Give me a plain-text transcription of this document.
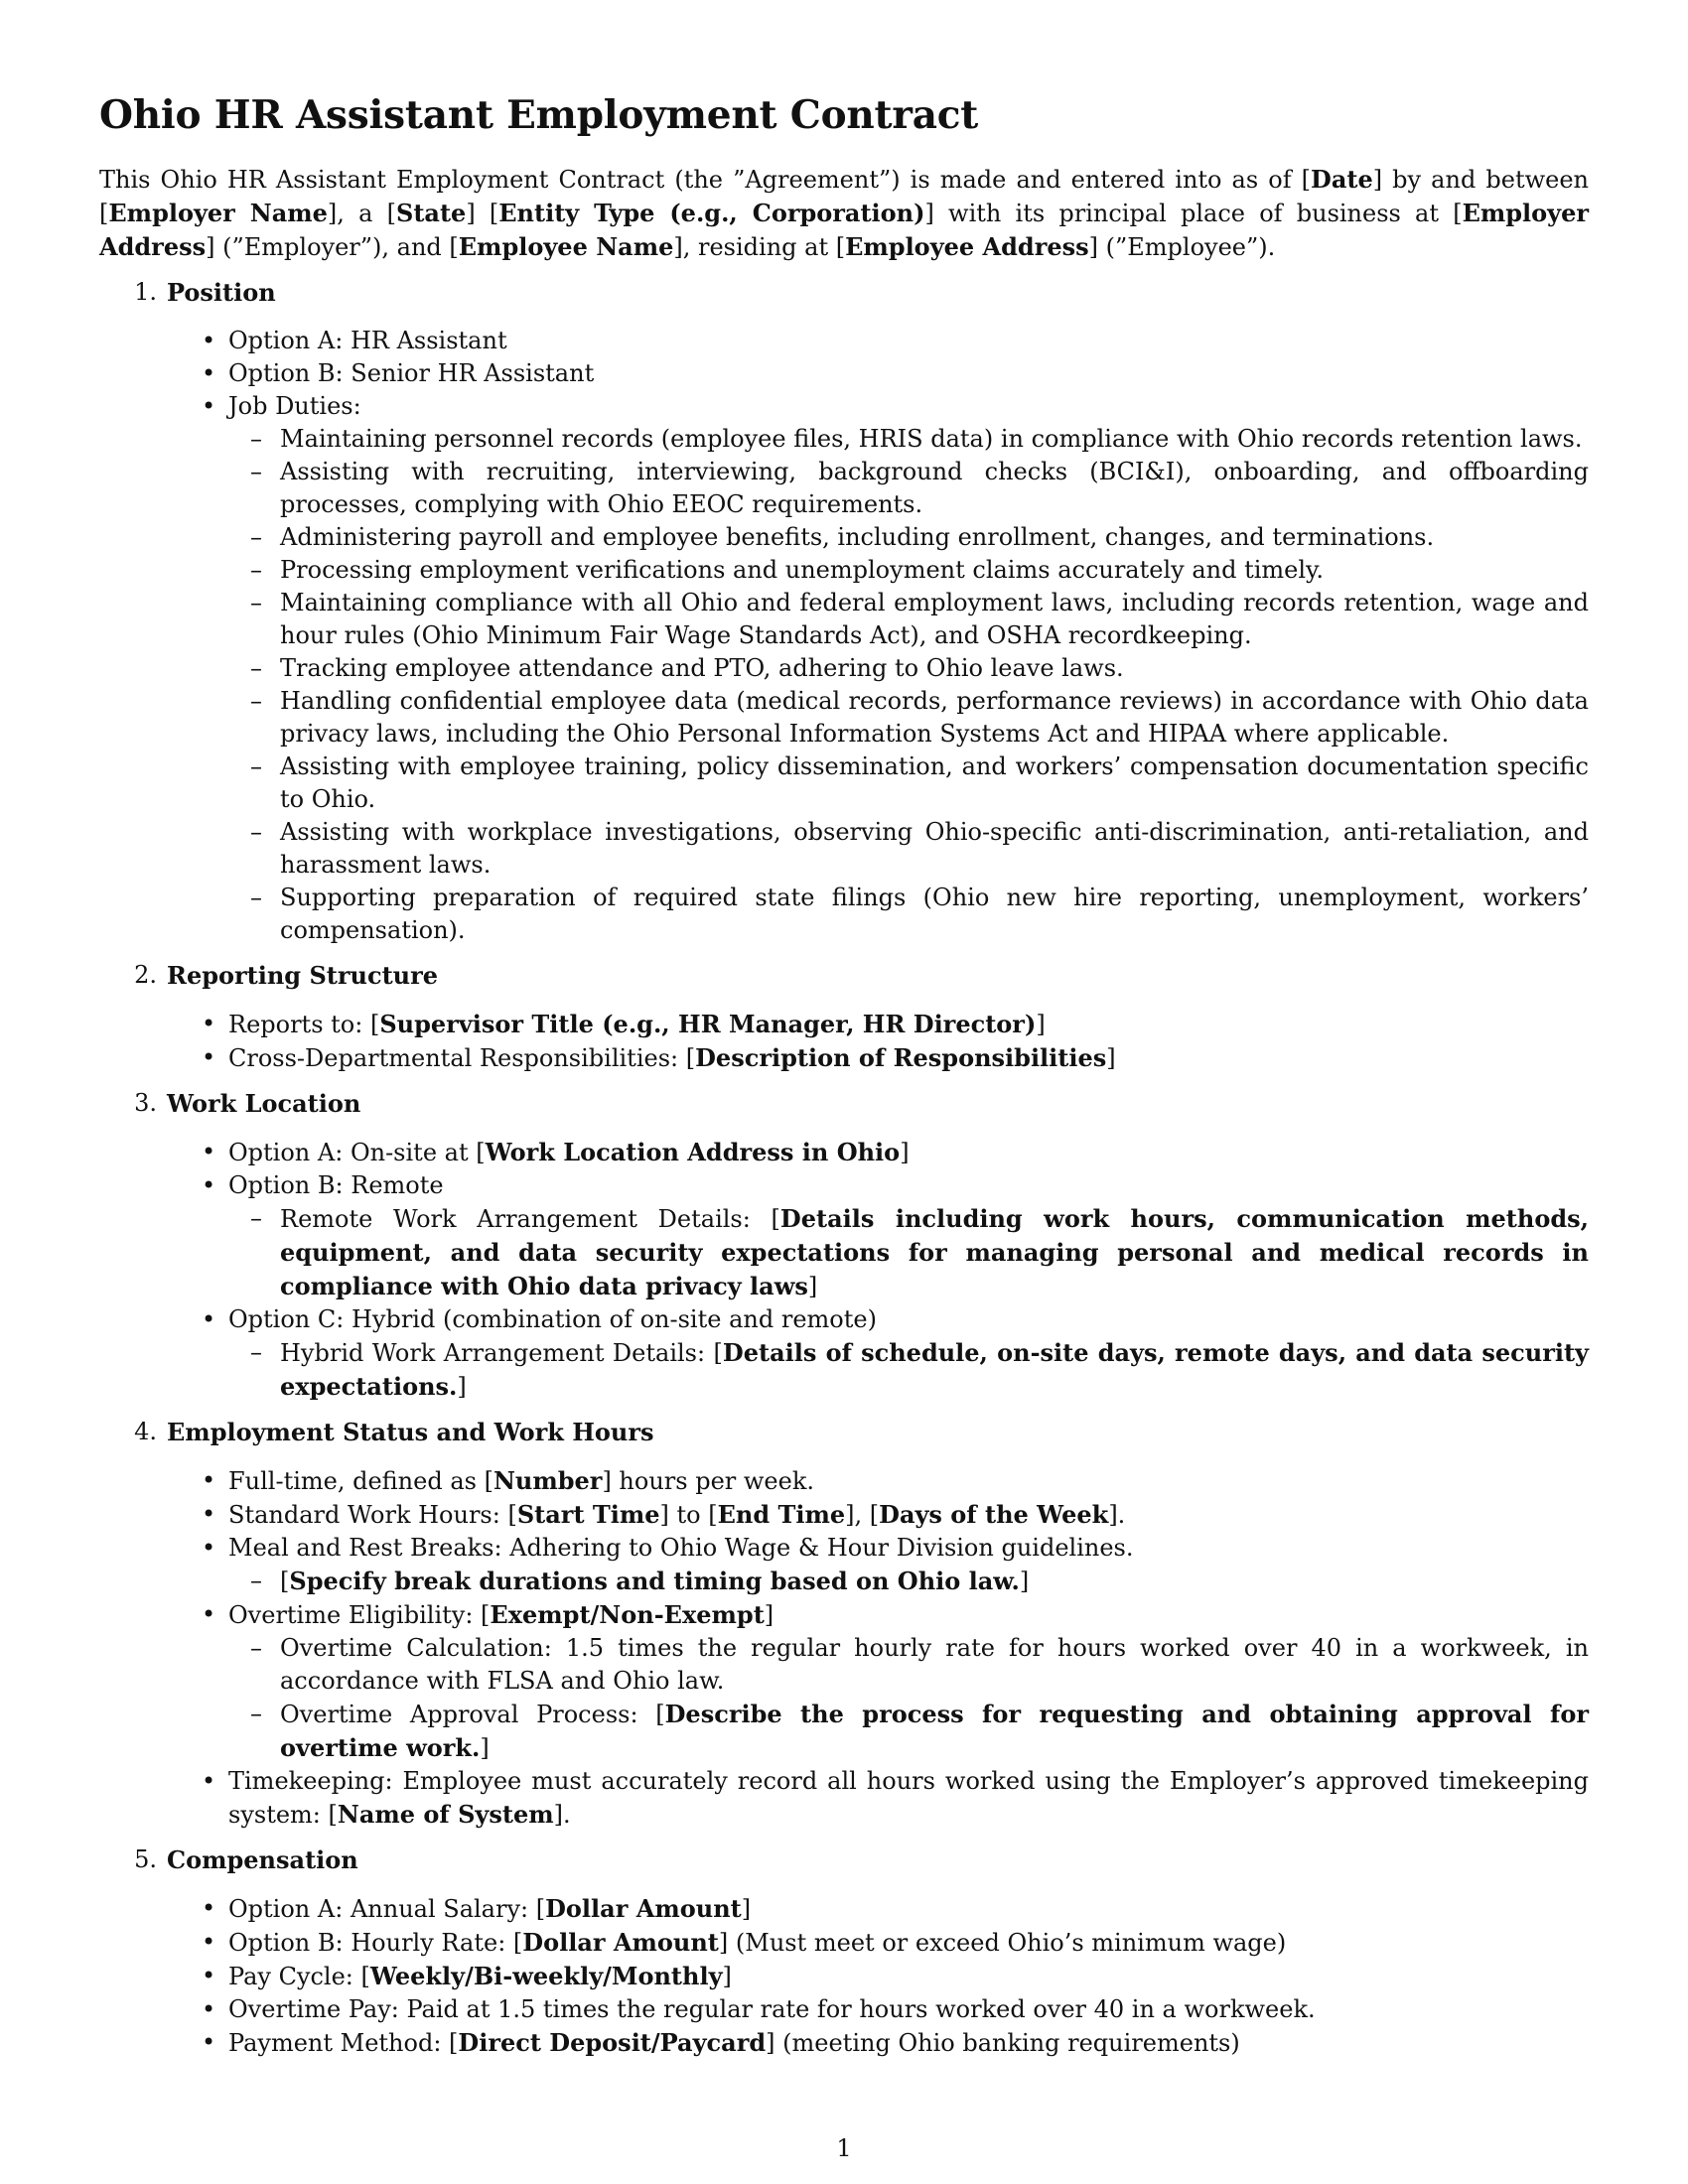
Ohio HR Assistant Employment Contract

This Ohio HR Assistant Employment Contract (the ”Agreement”) is made and entered into as of [Date] by and between [Employer Name], a [State] [Entity Type (e.g., Corporation)] with its principal place of business at [Employer Address] (”Employer”), and [Employee Name], residing at [Employee Address] (”Employee”).

1. Position
• Option A: HR Assistant
• Option B: Senior HR Assistant
• Job Duties:
– Maintaining personnel records (employee files, HRIS data) in compliance with Ohio records retention laws.
– Assisting with recruiting, interviewing, background checks (BCI&I), onboarding, and offboarding processes, complying with Ohio EEOC requirements.
– Administering payroll and employee benefits, including enrollment, changes, and terminations.
– Processing employment verifications and unemployment claims accurately and timely.
– Maintaining compliance with all Ohio and federal employment laws, including records retention, wage and hour rules (Ohio Minimum Fair Wage Standards Act), and OSHA recordkeeping.
– Tracking employee attendance and PTO, adhering to Ohio leave laws.
– Handling confidential employee data (medical records, performance reviews) in accordance with Ohio data privacy laws, including the Ohio Personal Information Systems Act and HIPAA where applicable.
– Assisting with employee training, policy dissemination, and workers’ compensation documentation specific to Ohio.
– Assisting with workplace investigations, observing Ohio-specific anti-discrimination, anti-retaliation, and harassment laws.
– Supporting preparation of required state filings (Ohio new hire reporting, unemployment, workers’ compensation).
2. Reporting Structure
• Reports to: [Supervisor Title (e.g., HR Manager, HR Director)]
• Cross-Departmental Responsibilities: [Description of Responsibilities]
3. Work Location
• Option A: On-site at [Work Location Address in Ohio]
• Option B: Remote
– Remote Work Arrangement Details: [Details including work hours, communication methods, equipment, and data security expectations for managing personal and medical records in compliance with Ohio data privacy laws]
• Option C: Hybrid (combination of on-site and remote)
– Hybrid Work Arrangement Details: [Details of schedule, on-site days, remote days, and data security expectations.]
4. Employment Status and Work Hours
• Full-time, defined as [Number] hours per week.
• Standard Work Hours: [Start Time] to [End Time], [Days of the Week].
• Meal and Rest Breaks: Adhering to Ohio Wage & Hour Division guidelines.
– [Specify break durations and timing based on Ohio law.]
• Overtime Eligibility: [Exempt/Non-Exempt]
– Overtime Calculation: 1.5 times the regular hourly rate for hours worked over 40 in a workweek, in accordance with FLSA and Ohio law.
– Overtime Approval Process: [Describe the process for requesting and obtaining approval for overtime work.]
• Timekeeping: Employee must accurately record all hours worked using the Employer’s approved timekeeping system: [Name of System].
5. Compensation
• Option A: Annual Salary: [Dollar Amount]
• Option B: Hourly Rate: [Dollar Amount] (Must meet or exceed Ohio’s minimum wage)
• Pay Cycle: [Weekly/Bi-weekly/Monthly]
• Overtime Pay: Paid at 1.5 times the regular rate for hours worked over 40 in a workweek.
• Payment Method: [Direct Deposit/Paycard] (meeting Ohio banking requirements)
1
